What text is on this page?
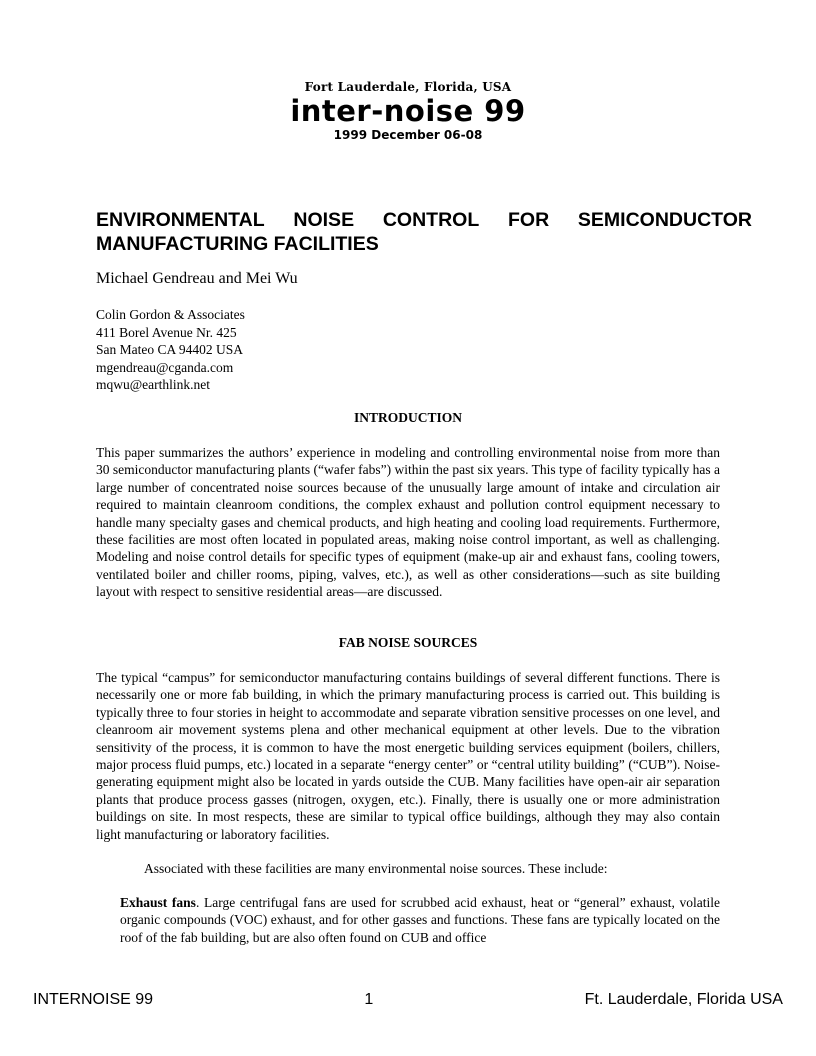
Fort Lauderdale, Florida, USA
inter-noise 99
1999 December 06-08
ENVIRONMENTAL NOISE CONTROL FOR SEMICONDUCTOR
MANUFACTURING FACILITIES
Michael Gendreau and Mei Wu
Colin Gordon & Associates
411 Borel Avenue Nr. 425
San Mateo CA 94402 USA
mgendreau@cganda.com
mqwu@earthlink.net
INTRODUCTION

This paper summarizes the authors’ experience in modeling and controlling environmental noise from more than 30 semiconductor manufacturing plants (“wafer fabs”) within the past six years. This type of facility typically has a large number of concentrated noise sources because of the unusually large amount of intake and circulation air required to maintain cleanroom conditions, the complex exhaust and pollution control equipment necessary to handle many specialty gases and chemical products, and high heating and cooling load requirements. Furthermore, these facilities are most often located in populated areas, making noise control important, as well as challenging. Modeling and noise control details for specific types of equipment (make-up air and exhaust fans, cooling towers, ventilated boiler and chiller rooms, piping, valves, etc.), as well as other considerations—such as site building layout with respect to sensitive residential areas—are discussed.

FAB NOISE SOURCES

The typical “campus” for semiconductor manufacturing contains buildings of several different functions. There is necessarily one or more fab building, in which the primary manufacturing process is carried out. This building is typically three to four stories in height to accommodate and separate vibration sensitive processes on one level, and cleanroom air movement systems plena and other mechanical equipment at other levels. Due to the vibration sensitivity of the process, it is common to have the most energetic building services equipment (boilers, chillers, major process fluid pumps, etc.) located in a separate “energy center” or “central utility building” (“CUB”). Noise-generating equipment might also be located in yards outside the CUB. Many facilities have open-air air separation plants that produce process gasses (nitrogen, oxygen, etc.). Finally, there is usually one or more administration buildings on site. In most respects, these are similar to typical office buildings, although they may also contain light manufacturing or laboratory facilities.

Associated with these facilities are many environmental noise sources. These include:

Exhaust fans. Large centrifugal fans are used for scrubbed acid exhaust, heat or “general” exhaust, volatile organic compounds (VOC) exhaust, and for other gasses and functions. These fans are typically located on the roof of the fab building, but are also often found on CUB and office

INTERNOISE 99	1	Ft. Lauderdale, Florida USA
